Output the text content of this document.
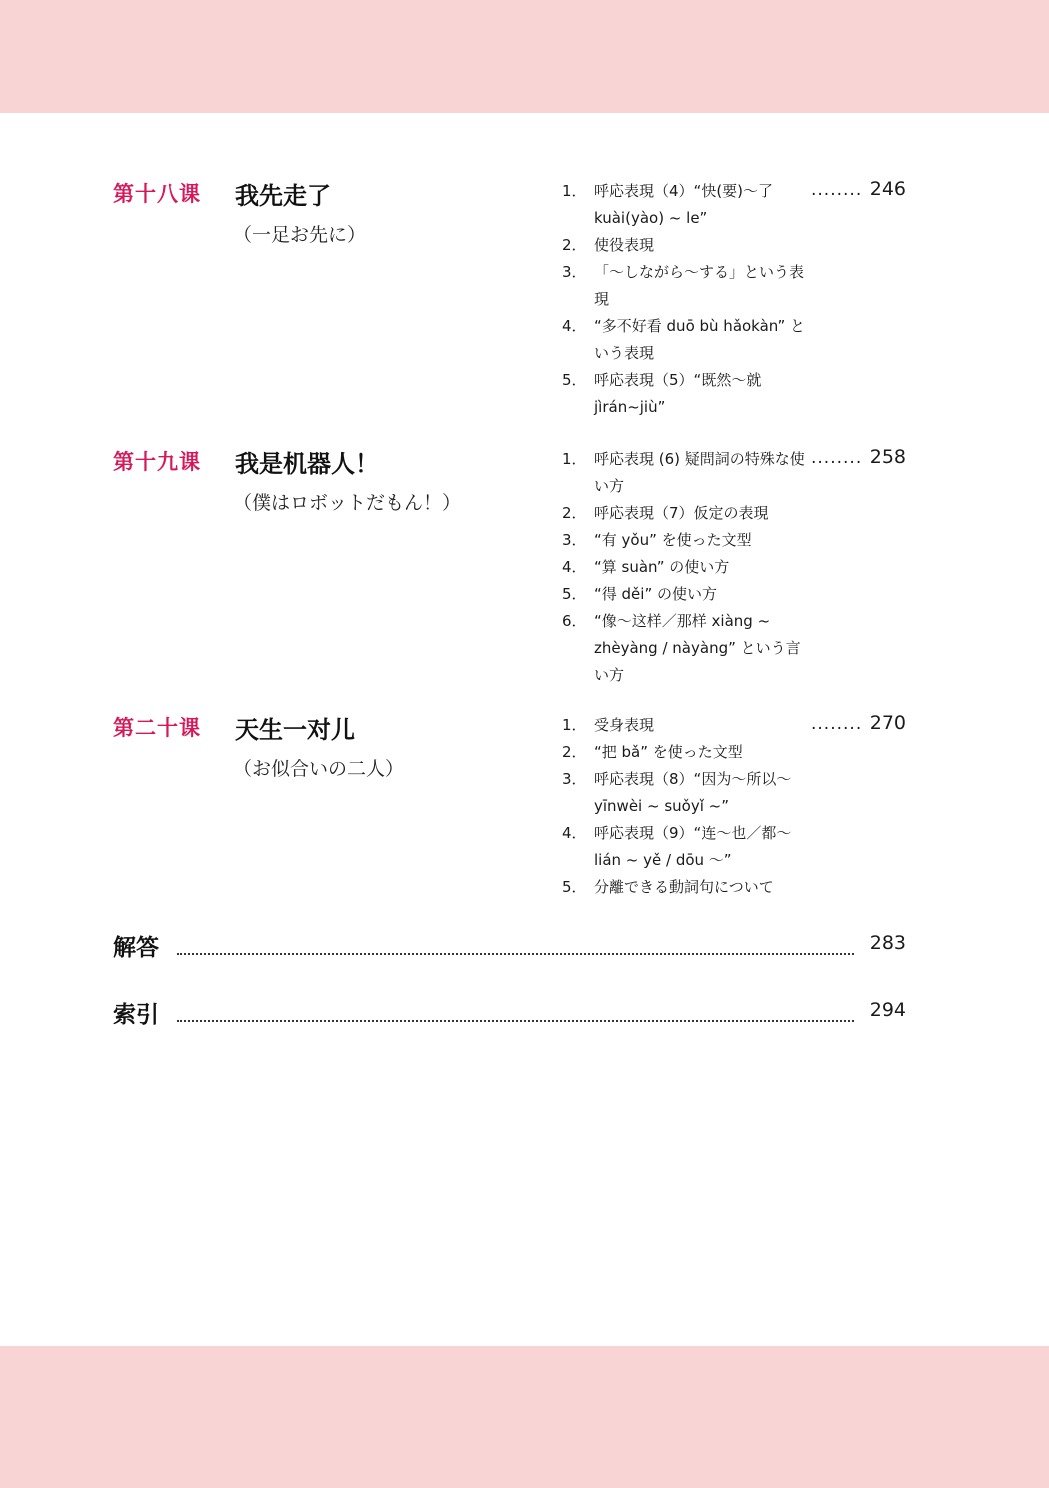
第十八课 我先走了
（一足お先に）
1． 呼応表現（4）“快(要)～了 kuài(yào) ~ le”
2． 使役表現
3． 「～しながら～する」という表現
4． “多不好看 duō bù hǎokàn” という表現
5． 呼応表現（5）“既然～就 jìrán~jiù”
........ 246
第十九课 我是机器人！
（僕はロボットだもん！）
1． 呼応表現 (6) 疑問詞の特殊な使い方
2． 呼応表現（7）仮定の表現
3． “有 yǒu” を使った文型
4． “算 suàn” の使い方
5． “得 děi” の使い方
6． “像～这样／那样 xiàng ~ zhèyàng / nàyàng” という言い方
........ 258
第二十课 天生一对儿
（お似合いの二人）
1． 受身表現
2． “把 bǎ” を使った文型
3． 呼応表現（8）“因为～所以～ yīnwèi ~ suǒyǐ ~”
4． 呼応表現（9）“连～也／都～ lián ~ yě / dōu ～”
5． 分離できる動詞句について
........ 270
解答	283
索引	294
